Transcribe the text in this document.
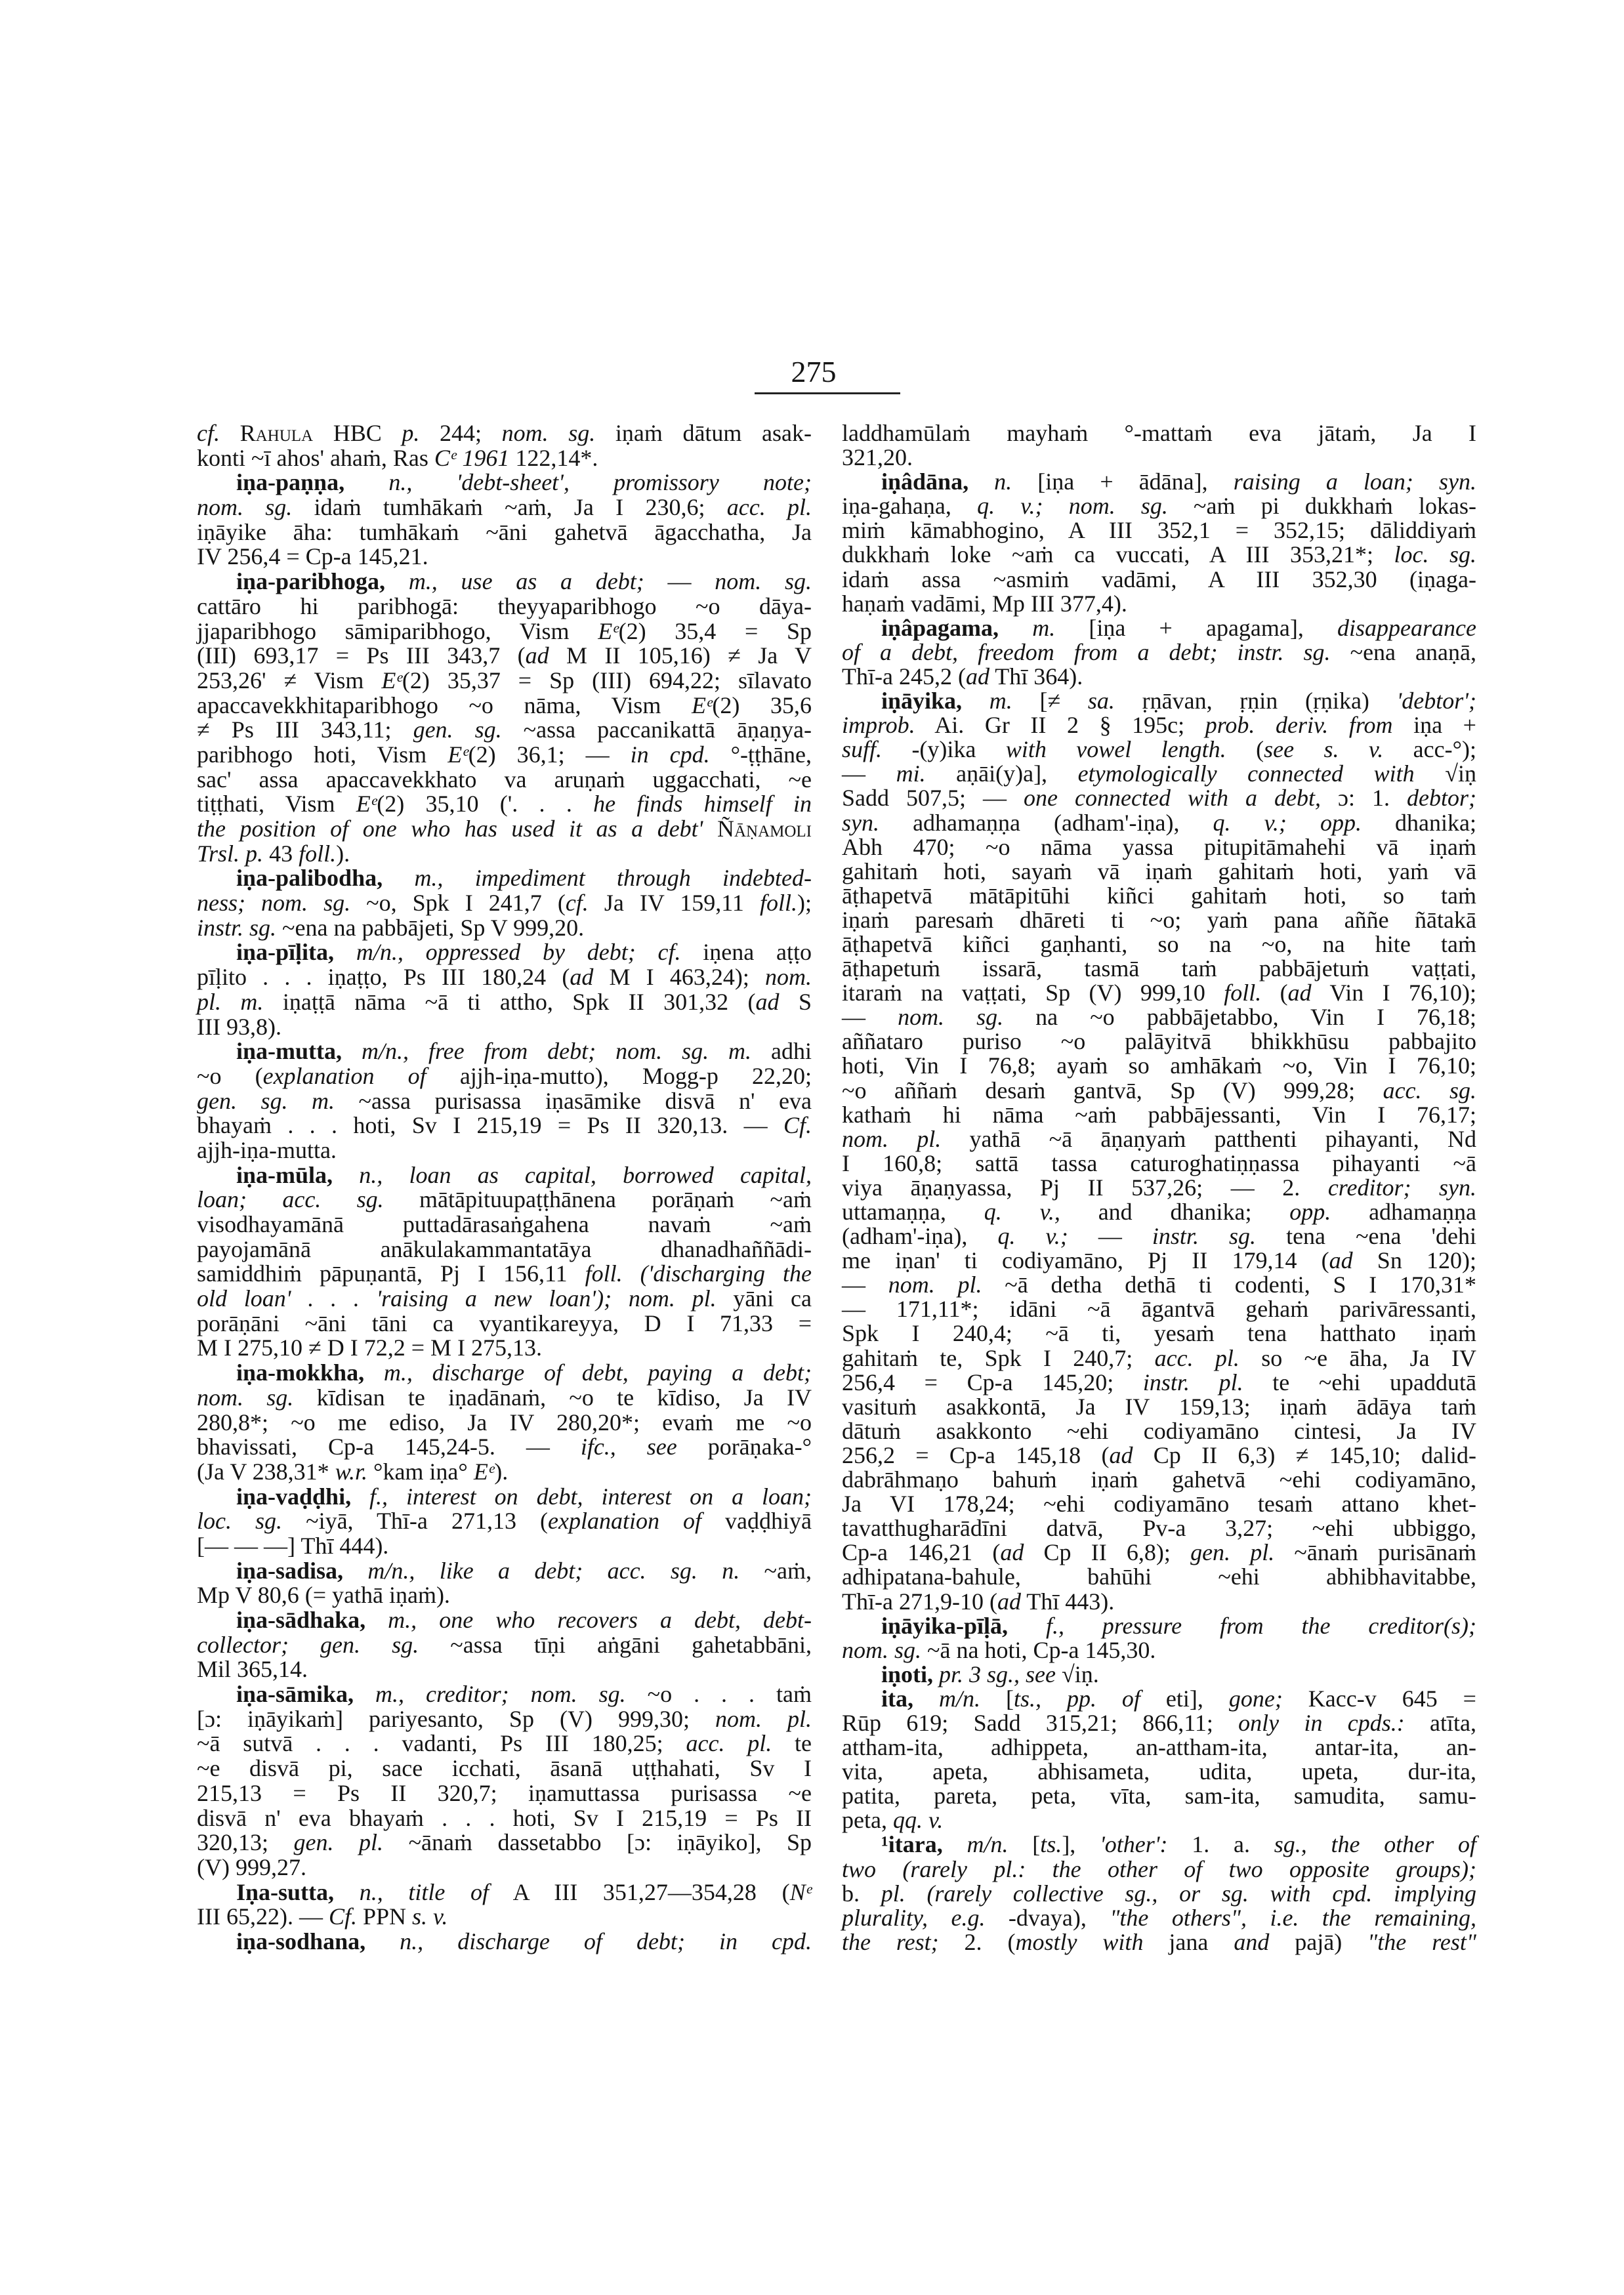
275
cf. Rahula HBC p. 244; nom. sg. iṇaṁ dātum asak-
konti ~ī ahos' ahaṁ, Ras Cᵉ 1961 122,14*.
iṇa-paṇṇa, n., 'debt-sheet', promissory note;
nom. sg. idaṁ tumhākaṁ ~aṁ, Ja I 230,6; acc. pl.
iṇāyike āha: tumhākaṁ ~āni gahetvā āgacchatha, Ja
IV 256,4 = Cp-a 145,21.
iṇa-paribhoga, m., use as a debt; — nom. sg.
cattāro hi paribhogā: theyyaparibhogo ~o dāya-
jjaparibhogo sāmiparibhogo, Vism Eᵉ(2) 35,4 = Sp
(III) 693,17 = Ps III 343,7 (ad M II 105,16) ≠ Ja V
253,26' ≠ Vism Eᵉ(2) 35,37 = Sp (III) 694,22; sīlavato
apaccavekkhitaparibhogo ~o nāma, Vism Eᵉ(2) 35,6
≠ Ps III 343,11; gen. sg. ~assa paccanikattā āṇaṇya-
paribhogo hoti, Vism Eᵉ(2) 36,1; — in cpd. °-ṭṭhāne,
sac' assa apaccavekkhato va aruṇaṁ uggacchati, ~e
tiṭṭhati, Vism Eᵉ(2) 35,10 ('. . . he finds himself in
the position of one who has used it as a debt' Ñāṇamoli
Trsl. p. 43 foll.).
iṇa-palibodha, m., impediment through indebted-
ness; nom. sg. ~o, Spk I 241,7 (cf. Ja IV 159,11 foll.);
instr. sg. ~ena na pabbājeti, Sp V 999,20.
iṇa-pīḷita, m/n., oppressed by debt; cf. iṇena aṭṭo
pīḷito . . . iṇaṭṭo, Ps III 180,24 (ad M I 463,24); nom.
pl. m. iṇaṭṭā nāma ~ā ti attho, Spk II 301,32 (ad S
III 93,8).
iṇa-mutta, m/n., free from debt; nom. sg. m. adhi
~o (explanation of ajjh-iṇa-mutto), Mogg-p 22,20;
gen. sg. m. ~assa purisassa iṇasāmike disvā n' eva
bhayaṁ . . . hoti, Sv I 215,19 = Ps II 320,13. — Cf.
ajjh-iṇa-mutta.
iṇa-mūla, n., loan as capital, borrowed capital,
loan; acc. sg. mātāpituupaṭṭhānena porāṇaṁ ~aṁ
visodhayamānā puttadārasaṅgahena navaṁ ~aṁ
payojamānā anākulakammantatāya dhanadhaññādi-
samiddhiṁ pāpuṇantā, Pj I 156,11 foll. ('discharging the
old loan' . . . 'raising a new loan'); nom. pl. yāni ca
porāṇāni ~āni tāni ca vyantikareyya, D I 71,33 =
M I 275,10 ≠ D I 72,2 = M I 275,13.
iṇa-mokkha, m., discharge of debt, paying a debt;
nom. sg. kīdisan te iṇadānaṁ, ~o te kīdiso, Ja IV
280,8*; ~o me ediso, Ja IV 280,20*; evaṁ me ~o
bhavissati, Cp-a 145,24-5. — ifc., see porāṇaka-°
(Ja V 238,31* w.r. °kam iṇa° Eᵉ).
iṇa-vaḍḍhi, f., interest on debt, interest on a loan;
loc. sg. ~iyā, Thī-a 271,13 (explanation of vaḍḍhiyā
[— — —] Thī 444).
iṇa-sadisa, m/n., like a debt; acc. sg. n. ~aṁ,
Mp V 80,6 (= yathā iṇaṁ).
iṇa-sādhaka, m., one who recovers a debt, debt-
collector; gen. sg. ~assa tīṇi aṅgāni gahetabbāni,
Mil 365,14.
iṇa-sāmika, m., creditor; nom. sg. ~o . . . taṁ
[ɔ: iṇāyikaṁ] pariyesanto, Sp (V) 999,30; nom. pl.
~ā sutvā . . . vadanti, Ps III 180,25; acc. pl. te
~e disvā pi, sace icchati, āsanā uṭṭhahati, Sv I
215,13 = Ps II 320,7; iṇamuttassa purisassa ~e
disvā n' eva bhayaṁ . . . hoti, Sv I 215,19 = Ps II
320,13; gen. pl. ~ānaṁ dassetabbo [ɔ: iṇāyiko], Sp
(V) 999,27.
Iṇa-sutta, n., title of A III 351,27—354,28 (Nᵉ
III 65,22). — Cf. PPN s. v.
iṇa-sodhana, n., discharge of debt; in cpd.
laddhamūlaṁ mayhaṁ °-mattaṁ eva jātaṁ, Ja I
321,20.
iṇâdāna, n. [iṇa + ādāna], raising a loan; syn.
iṇa-gahaṇa, q. v.; nom. sg. ~aṁ pi dukkhaṁ lokas-
miṁ kāmabhogino, A III 352,1 = 352,15; dāliddiyaṁ
dukkhaṁ loke ~aṁ ca vuccati, A III 353,21*; loc. sg.
idaṁ assa ~asmiṁ vadāmi, A III 352,30 (iṇaga-
haṇaṁ vadāmi, Mp III 377,4).
iṇâpagama, m. [iṇa + apagama], disappearance
of a debt, freedom from a debt; instr. sg. ~ena anaṇā,
Thī-a 245,2 (ad Thī 364).
iṇāyika, m. [≠ sa. ṛṇāvan, ṛṇin (ṛṇika) 'debtor';
improb. Ai. Gr II 2 § 195c; prob. deriv. from iṇa +
suff. -(y)ika with vowel length. (see s. v. acc-°);
— mi. aṇāi(y)a], etymologically connected with √iṇ
Sadd 507,5; — one connected with a debt, ɔ: 1. debtor;
syn. adhamaṇṇa (adham'-iṇa), q. v.; opp. dhanika;
Abh 470; ~o nāma yassa pitupitāmahehi vā iṇaṁ
gahitaṁ hoti, sayaṁ vā iṇaṁ gahitaṁ hoti, yaṁ vā
āṭhapetvā mātāpitūhi kiñci gahitaṁ hoti, so taṁ
iṇaṁ paresaṁ dhāreti ti ~o; yaṁ pana aññe ñātakā
āṭhapetvā kiñci gaṇhanti, so na ~o, na hite taṁ
āṭhapetuṁ issarā, tasmā taṁ pabbājetuṁ vaṭṭati,
itaraṁ na vaṭṭati, Sp (V) 999,10 foll. (ad Vin I 76,10);
— nom. sg. na ~o pabbājetabbo, Vin I 76,18;
aññataro puriso ~o palāyitvā bhikkhūsu pabbajito
hoti, Vin I 76,8; ayaṁ so amhākaṁ ~o, Vin I 76,10;
~o aññaṁ desaṁ gantvā, Sp (V) 999,28; acc. sg.
kathaṁ hi nāma ~aṁ pabbājessanti, Vin I 76,17;
nom. pl. yathā ~ā āṇaṇyaṁ patthenti pihayanti, Nd
I 160,8; sattā tassa caturoghatiṇṇassa pihayanti ~ā
viya āṇaṇyassa, Pj II 537,26; — 2. creditor; syn.
uttamaṇṇa, q. v., and dhanika; opp. adhamaṇṇa
(adham'-iṇa), q. v.; — instr. sg. tena ~ena 'dehi
me iṇan' ti codiyamāno, Pj II 179,14 (ad Sn 120);
— nom. pl. ~ā detha dethā ti codenti, S I 170,31*
— 171,11*; idāni ~ā āgantvā gehaṁ parivāressanti,
Spk I 240,4; ~ā ti, yesaṁ tena hatthato iṇaṁ
gahitaṁ te, Spk I 240,7; acc. pl. so ~e āha, Ja IV
256,4 = Cp-a 145,20; instr. pl. te ~ehi upaddutā
vasituṁ asakkontā, Ja IV 159,13; iṇaṁ ādāya taṁ
dātuṁ asakkonto ~ehi codiyamāno cintesi, Ja IV
256,2 = Cp-a 145,18 (ad Cp II 6,3) ≠ 145,10; dalid-
dabrāhmaṇo bahuṁ iṇaṁ gahetvā ~ehi codiyamāno,
Ja VI 178,24; ~ehi codiyamāno tesaṁ attano khet-
tavatthugharādīni datvā, Pv-a 3,27; ~ehi ubbiggo,
Cp-a 146,21 (ad Cp II 6,8); gen. pl. ~ānaṁ purisānaṁ
adhipatana-bahule, bahūhi ~ehi abhibhavitabbe,
Thī-a 271,9-10 (ad Thī 443).
iṇāyika-pīḷā, f., pressure from the creditor(s);
nom. sg. ~ā na hoti, Cp-a 145,30.
iṇoti, pr. 3 sg., see √iṇ.
ita, m/n. [ts., pp. of eti], gone; Kacc-v 645 =
Rūp 619; Sadd 315,21; 866,11; only in cpds.: atīta,
attham-ita, adhippeta, an-attham-ita, antar-ita, an-
vita, apeta, abhisameta, udita, upeta, dur-ita,
patita, pareta, peta, vīta, sam-ita, samudita, samu-
peta, qq. v.
¹itara, m/n. [ts.], 'other': 1. a. sg., the other of
two (rarely pl.: the other of two opposite groups);
b. pl. (rarely collective sg., or sg. with cpd. implying
plurality, e.g. -dvaya), "the others", i.e. the remaining,
the rest; 2. (mostly with jana and pajā) "the rest"
